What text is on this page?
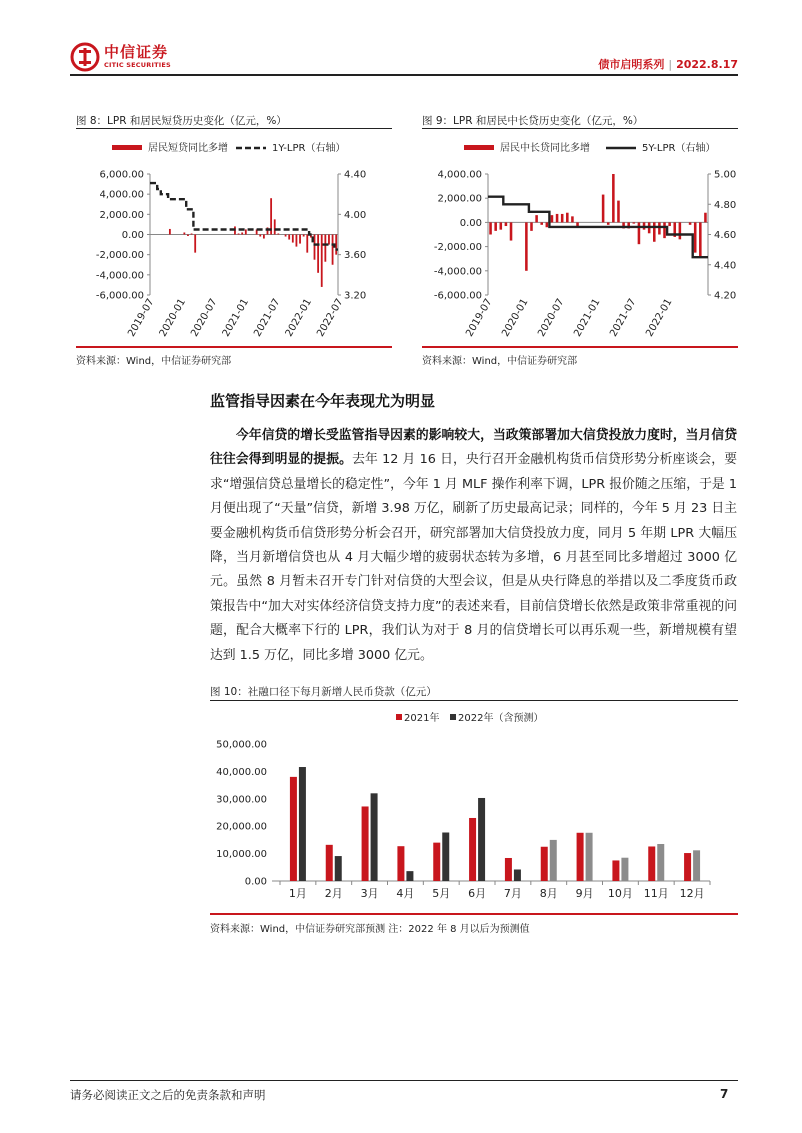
中信证券
CITIC SECURITIES	债市启明系列 | 2022.8.17
图 8：LPR 和居民短贷历史变化（亿元，%）
居民短贷同比多增	1Y-LPR（右轴）
6,000.00
4,000.00
2,000.00
0.00
-2,000.00
-4,000.00
-6,000.00
4.40
4.00
3.60
3.20
2019-07 2020-01 2020-07 2021-01 2021-07 2022-01 2022-07
资料来源：Wind，中信证券研究部
图 9：LPR 和居民中长贷历史变化（亿元，%）
居民中长贷同比多增	5Y-LPR（右轴）
4,000.00
2,000.00
0.00
-2,000.00
-4,000.00
-6,000.00
5.00
4.80
4.60
4.40
4.20
2019-07 2020-01 2020-07 2021-01 2021-07 2022-01
资料来源：Wind，中信证券研究部
监管指导因素在今年表现尤为明显
今年信贷的增长受监管指导因素的影响较大，当政策部署加大信贷投放力度时，当月信贷往往会得到明显的提振。去年 12 月 16 日，央行召开金融机构货币信贷形势分析座谈会，要求“增强信贷总量增长的稳定性”，今年 1 月 MLF 操作利率下调，LPR 报价随之压缩，于是 1 月便出现了“天量”信贷，新增 3.98 万亿，刷新了历史最高记录；同样的，今年 5 月 23 日主要金融机构货币信贷形势分析会召开，研究部署加大信贷投放力度，同月 5 年期 LPR 大幅压降，当月新增信贷也从 4 月大幅少增的疲弱状态转为多增，6 月甚至同比多增超过 3000 亿元。虽然 8 月暂未召开专门针对信贷的大型会议，但是从央行降息的举措以及二季度货币政策报告中“加大对实体经济信贷支持力度”的表述来看，目前信贷增长依然是政策非常重视的问题，配合大概率下行的 LPR，我们认为对于 8 月的信贷增长可以再乐观一些，新增规模有望达到 1.5 万亿，同比多增 3000 亿元。
图 10：社融口径下每月新增人民币贷款（亿元）
2021年 2022年（含预测）
50,000.00
40,000.00
30,000.00
20,000.00
10,000.00
0.00
1月 2月 3月 4月 5月 6月 7月 8月 9月 10月 11月 12月
资料来源：Wind，中信证券研究部预测 注：2022 年 8 月以后为预测值
请务必阅读正文之后的免责条款和声明	7
